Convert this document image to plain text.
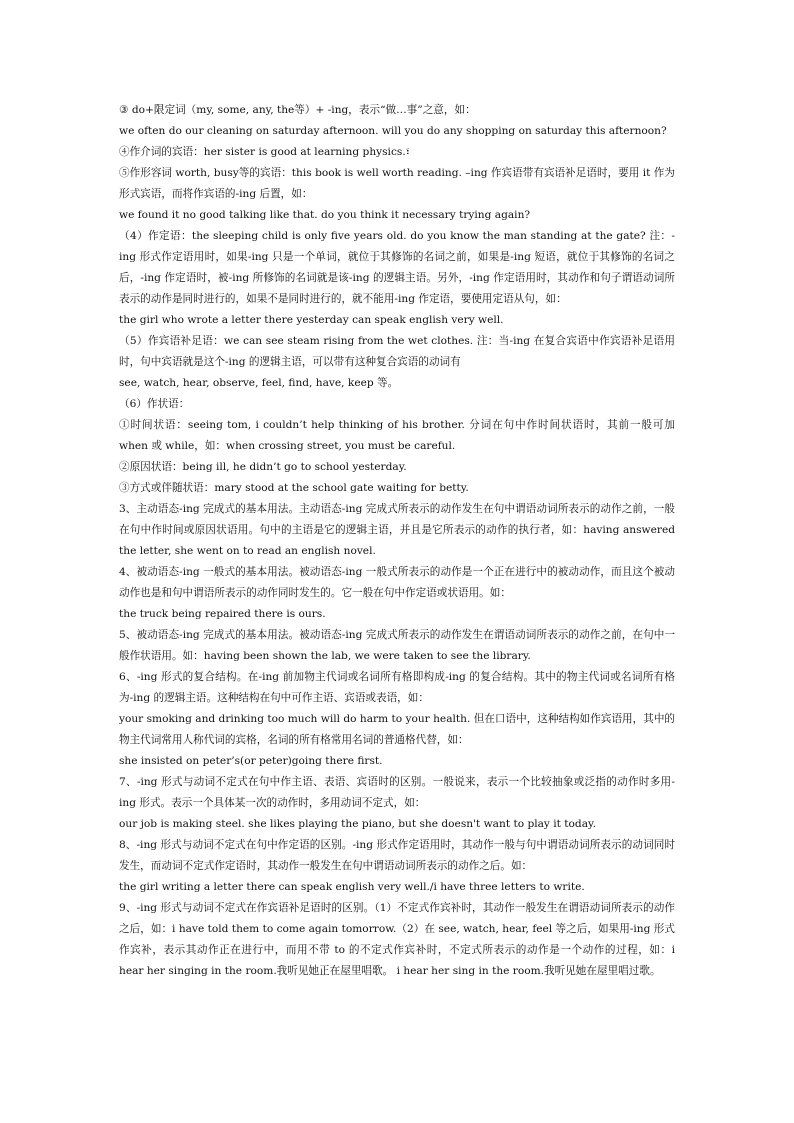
③ do+限定词（my, some, any, the等）+ -ing，表示“做…事”之意，如：

we often do our cleaning on saturday afternoon. will you do any shopping on saturday this afternoon?

④作介词的宾语：her sister is good at learning physics.፣

⑤作形容词 worth, busy等的宾语：this book is well worth reading. –ing 作宾语带有宾语补足语时，要用 it 作为形式宾语，而将作宾语的-ing 后置，如：

we found it no good talking like that. do you think it necessary trying again?

（4）作定语：the sleeping child is only five years old. do you know the man standing at the gate? 注：-ing 形式作定语用时，如果-ing 只是一个单词，就位于其修饰的名词之前，如果是-ing 短语，就位于其修饰的名词之后，-ing 作定语时，被-ing 所修饰的名词就是该-ing 的逻辑主语。另外，-ing 作定语用时，其动作和句子谓语动词所表示的动作是同时进行的，如果不是同时进行的，就不能用-ing 作定语，要使用定语从句，如：

the girl who wrote a letter there yesterday can speak english very well.

（5）作宾语补足语：we can see steam rising from the wet clothes. 注：当-ing 在复合宾语中作宾语补足语用时，句中宾语就是这个-ing 的逻辑主语，可以带有这种复合宾语的动词有

see, watch, hear, observe, feel, find, have, keep 等。

（6）作状语：

①时间状语：seeing tom, i couldn’t help thinking of his brother. 分词在句中作时间状语时，其前一般可加 when 或 while，如：when crossing street, you must be careful.

②原因状语：being ill, he didn’t go to school yesterday.

③方式或伴随状语：mary stood at the school gate waiting for betty.

3、主动语态-ing 完成式的基本用法。主动语态-ing 完成式所表示的动作发生在句中谓语动词所表示的动作之前，一般在句中作时间或原因状语用。句中的主语是它的逻辑主语，并且是它所表示的动作的执行者，如：having answered the letter, she went on to read an english novel.

4、被动语态-ing 一般式的基本用法。被动语态-ing 一般式所表示的动作是一个正在进行中的被动动作，而且这个被动动作也是和句中谓语所表示的动作同时发生的。它一般在句中作定语或状语用。如：

the truck being repaired there is ours.

5、被动语态-ing 完成式的基本用法。被动语态-ing 完成式所表示的动作发生在谓语动词所表示的动作之前，在句中一般作状语用。如：having been shown the lab, we were taken to see the library.

6、-ing 形式的复合结构。在-ing 前加物主代词或名词所有格即构成-ing 的复合结构。其中的物主代词或名词所有格为-ing 的逻辑主语。这种结构在句中可作主语、宾语或表语，如：

your smoking and drinking too much will do harm to your health. 但在口语中，这种结构如作宾语用，其中的物主代词常用人称代词的宾格，名词的所有格常用名词的普通格代替，如：

she insisted on peter’s(or peter)going there first.

7、-ing 形式与动词不定式在句中作主语、表语、宾语时的区别。一般说来，表示一个比较抽象或泛指的动作时多用-ing 形式。表示一个具体某一次的动作时，多用动词不定式，如：

our job is making steel. she likes playing the piano, but she doesn't want to play it today.

8、-ing 形式与动词不定式在句中作定语的区别。-ing 形式作定语用时，其动作一般与句中谓语动词所表示的动词同时发生，而动词不定式作定语时，其动作一般发生在句中谓语动词所表示的动作之后。如：

the girl writing a letter there can speak english very well./i have three letters to write.

9、-ing 形式与动词不定式在作宾语补足语时的区别。（1）不定式作宾补时，其动作一般发生在谓语动词所表示的动作之后，如：i have told them to come again tomorrow.（2）在 see, watch, hear, feel 等之后，如果用-ing 形式作宾补，表示其动作正在进行中，而用不带 to 的不定式作宾补时，不定式所表示的动作是一个动作的过程，如：i hear her singing in the room.我听见她正在屋里唱歌。 i hear her sing in the room.我听见她在屋里唱过歌。
